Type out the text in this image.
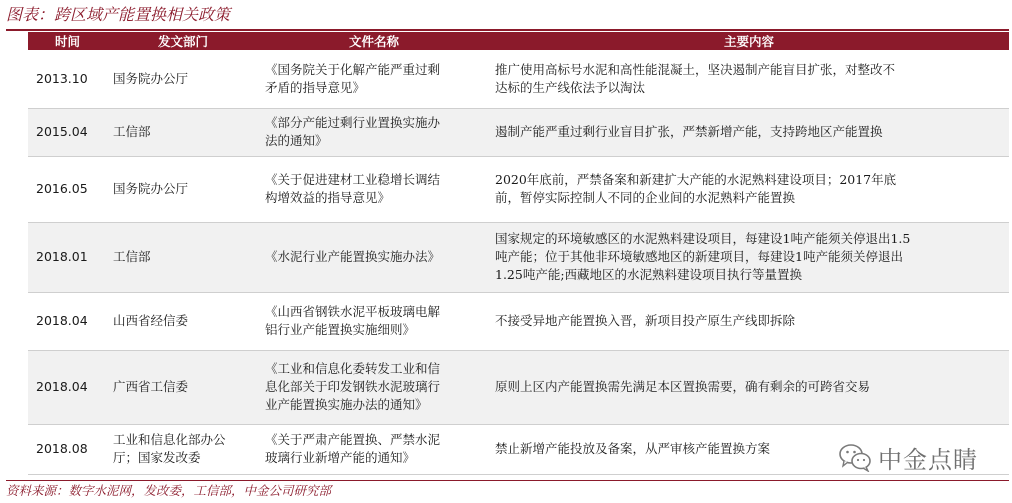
图表：跨区域产能置换相关政策
时间	发文部门	文件名称	主要内容
2013.10	国务院办公厅	《国务院关于化解产能严重过剩
矛盾的指导意见》	推广使用高标号水泥和高性能混凝土，坚决遏制产能盲目扩张，对整改不
达标的生产线依法予以淘汰
2015.04	工信部	《部分产能过剩行业置换实施办
法的通知》	遏制产能严重过剩行业盲目扩张，严禁新增产能，支持跨地区产能置换
2016.05	国务院办公厅	《关于促进建材工业稳增长调结
构增效益的指导意见》	2020年底前，严禁备案和新建扩大产能的水泥熟料建设项目；2017年底
前，暂停实际控制人不同的企业间的水泥熟料产能置换
2018.01	工信部	《水泥行业产能置换实施办法》	国家规定的环境敏感区的水泥熟料建设项目，每建设1吨产能须关停退出1.5
吨产能；位于其他非环境敏感地区的新建项目，每建设1吨产能须关停退出
1.25吨产能;西藏地区的水泥熟料建设项目执行等量置换
2018.04	山西省经信委	《山西省钢铁水泥平板玻璃电解
铝行业产能置换实施细则》	不接受异地产能置换入晋，新项目投产原生产线即拆除
2018.04	广西省工信委	《工业和信息化委转发工业和信
息化部关于印发钢铁水泥玻璃行
业产能置换实施办法的通知》	原则上区内产能置换需先满足本区置换需要，确有剩余的可跨省交易
2018.08	工业和信息化部办公
厅；国家发改委	《关于严肃产能置换、严禁水泥
玻璃行业新增产能的通知》	禁止新增产能投放及备案，从严审核产能置换方案
资料来源：数字水泥网，发改委，工信部，中金公司研究部
中金点睛
